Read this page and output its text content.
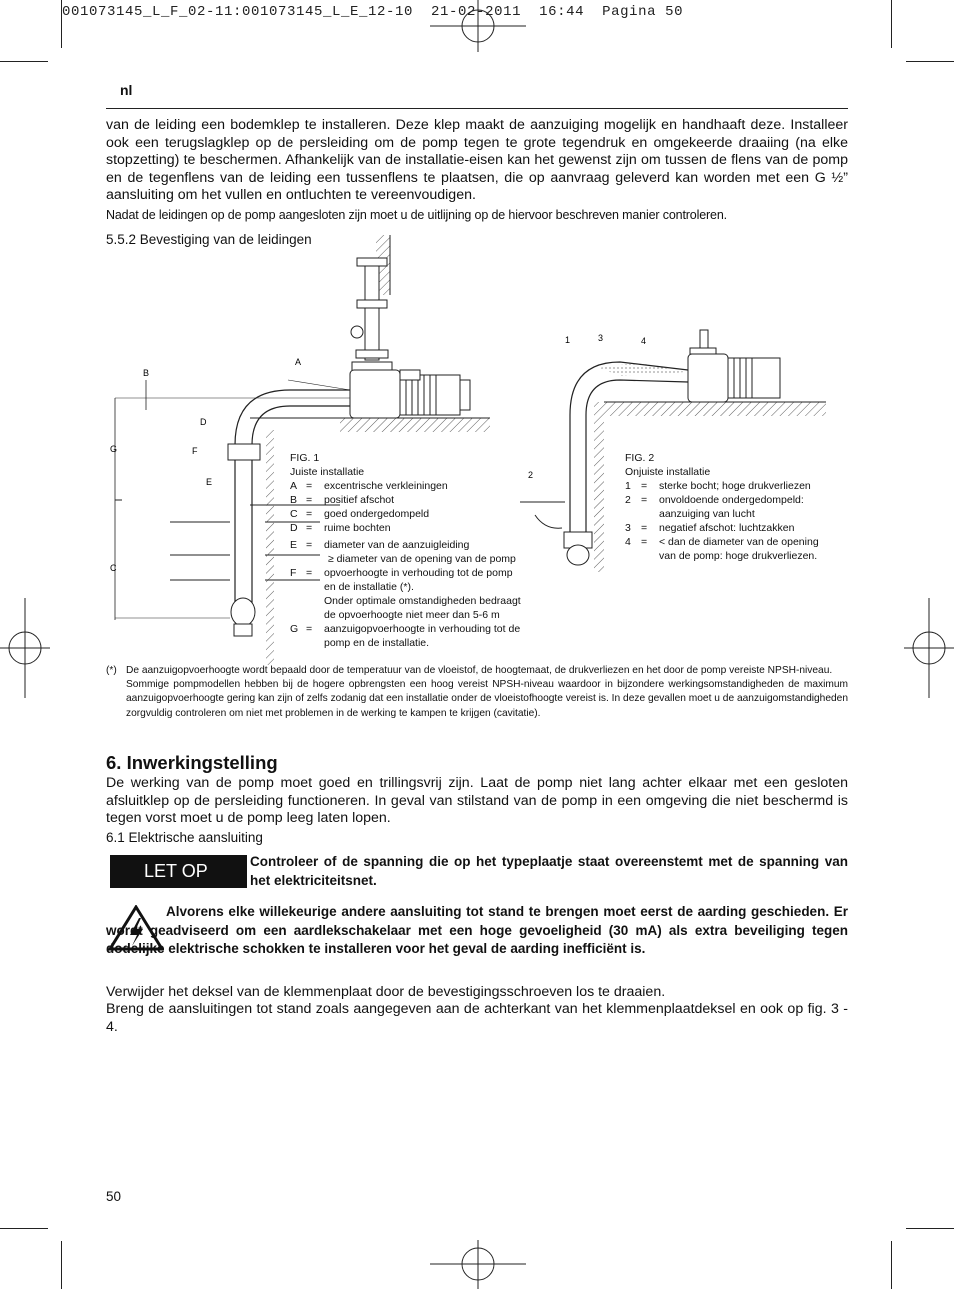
001073145_L_F_02-11:001073145_L_E_12-10  21-02-2011  16:44  Pagina 50
nl

van de leiding een bodemklep te installeren. Deze klep maakt de aanzuiging mogelijk en handhaaft deze. Installeer ook een terugslagklep op de persleiding om de pomp tegen te grote tegendruk en omgekeerde draaiing (na elke stopzetting) te beschermen. Afhankelijk van de installatie-eisen kan het gewenst zijn om tussen de flens van de pomp en de tegenflens van de leiding een tussenflens te plaatsen, die op aanvraag geleverd kan worden met een G ½” aansluiting om het vullen en ontluchten te vereenvoudigen.

Nadat de leidingen op de pomp aangesloten zijn moet u de uitlijning op de hiervoor beschreven manier controleren.

5.5.2 Bevestiging van de leidingen
B
A
D
F
E
G
C
1	3	4
2
FIG. 1
Juiste installatie
A =	excentrische verkleiningen
B =	positief afschot
C =	goed ondergedompeld
D =	ruime bochten
E =	diameter van de aanzuigleiding
≥ diameter van de opening van de pomp
F =	opvoerhoogte in verhouding tot de pomp
en de installatie (*).
Onder optimale omstandigheden bedraagt
de opvoerhoogte niet meer dan 5-6 m
G =	aanzuigopvoerhoogte in verhouding tot de
pomp en de installatie.
FIG. 2
Onjuiste installatie
1 =	sterke bocht; hoge drukverliezen
2 =	onvoldoende ondergedompeld:
aanzuiging van lucht
3 =	negatief afschot: luchtzakken
4 =	< dan de diameter van de opening
van de pomp: hoge drukverliezen.
(*) De aanzuigopvoerhoogte wordt bepaald door de temperatuur van de vloeistof, de hoogtemaat, de drukverliezen en het door de pomp vereiste NPSH-niveau.
Sommige pompmodellen hebben bij de hogere opbrengsten een hoog vereist NPSH-niveau waardoor in bijzondere werkingsomstandigheden de maximum aanzuigopvoerhoogte gering kan zijn of zelfs zodanig dat een installatie onder de vloeistofhoogte vereist is. In deze gevallen moet u de aanzuigomstandigheden zorgvuldig controleren om niet met problemen in de werking te kampen te krijgen (cavitatie).
6. Inwerkingstelling

De werking van de pomp moet goed en trillingsvrij zijn. Laat de pomp niet lang achter elkaar met een gesloten afsluitklep op de persleiding functioneren. In geval van stilstand van de pomp in een omgeving die niet beschermd is tegen vorst moet u de pomp leeg laten lopen.

6.1 Elektrische aansluiting
LET OP	Controleer of de spanning die op het typeplaatje staat overeenstemt met de spanning van het elektriciteitsnet.
Alvorens elke willekeurige andere aansluiting tot stand te brengen moet eerst de aarding geschieden. Er wordt geadviseerd om een aardlekschakelaar met een hoge gevoeligheid (30 mA) als extra beveiliging tegen dodelijke elektrische schokken te installeren voor het geval de aarding inefficiënt is.

Verwijder het deksel van de klemmenplaat door de bevestigingsschroeven los te draaien.

Breng de aansluitingen tot stand zoals aangegeven aan de achterkant van het klemmenplaatdeksel en ook op fig. 3 - 4.

50
